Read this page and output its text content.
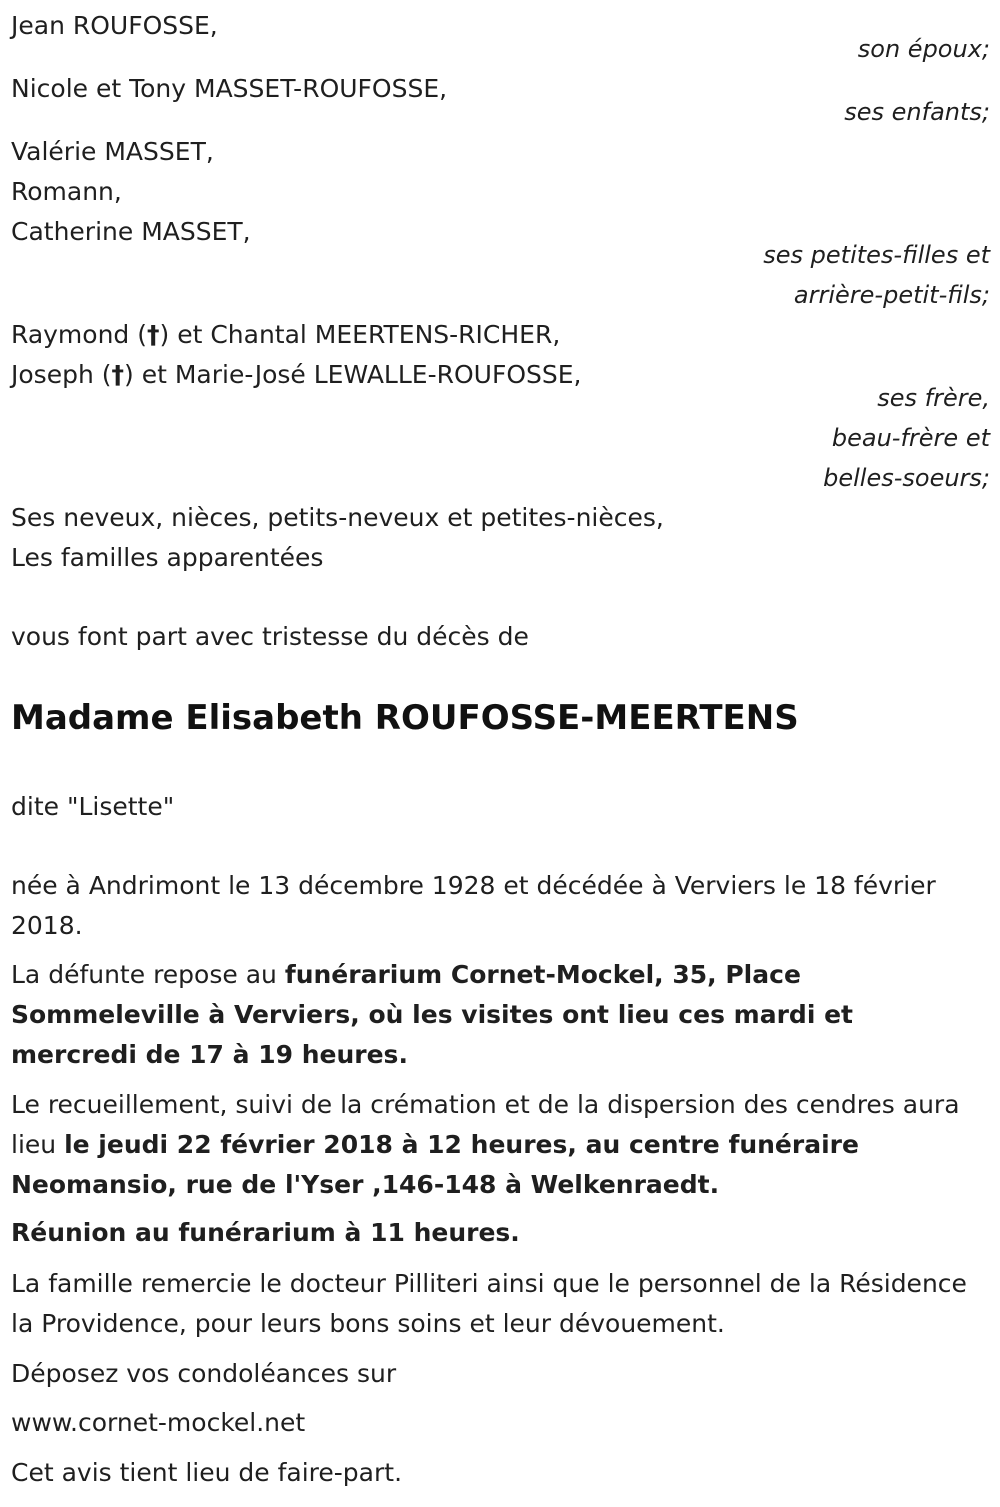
Jean ROUFOSSE,
son époux;
Nicole et Tony MASSET-ROUFOSSE,
ses enfants;
Valérie MASSET,
Romann,
Catherine MASSET,
ses petites-filles et
arrière-petit-fils;
Raymond (†) et Chantal MEERTENS-RICHER,
Joseph (†) et Marie-José LEWALLE-ROUFOSSE,
ses frère,
beau-frère et
belles-soeurs;
Ses neveux, nièces, petits-neveux et petites-nièces,
Les familles apparentées
vous font part avec tristesse du décès de
Madame Elisabeth ROUFOSSE-MEERTENS
dite "Lisette"
née à Andrimont le 13 décembre 1928 et décédée à Verviers le 18 février 2018.
La défunte repose au funérarium Cornet-Mockel, 35, Place Sommeleville à Verviers, où les visites ont lieu ces mardi et mercredi de 17 à 19 heures.
Le recueillement, suivi de la crémation et de la dispersion des cendres aura lieu le jeudi 22 février 2018 à 12 heures, au centre funéraire Neomansio, rue de l'Yser ,146-148 à Welkenraedt.
Réunion au funérarium à 11 heures.
La famille remercie le docteur Pilliteri ainsi que le personnel de la Résidence la Providence, pour leurs bons soins et leur dévouement.
Déposez vos condoléances sur
www.cornet-mockel.net
Cet avis tient lieu de faire-part.
